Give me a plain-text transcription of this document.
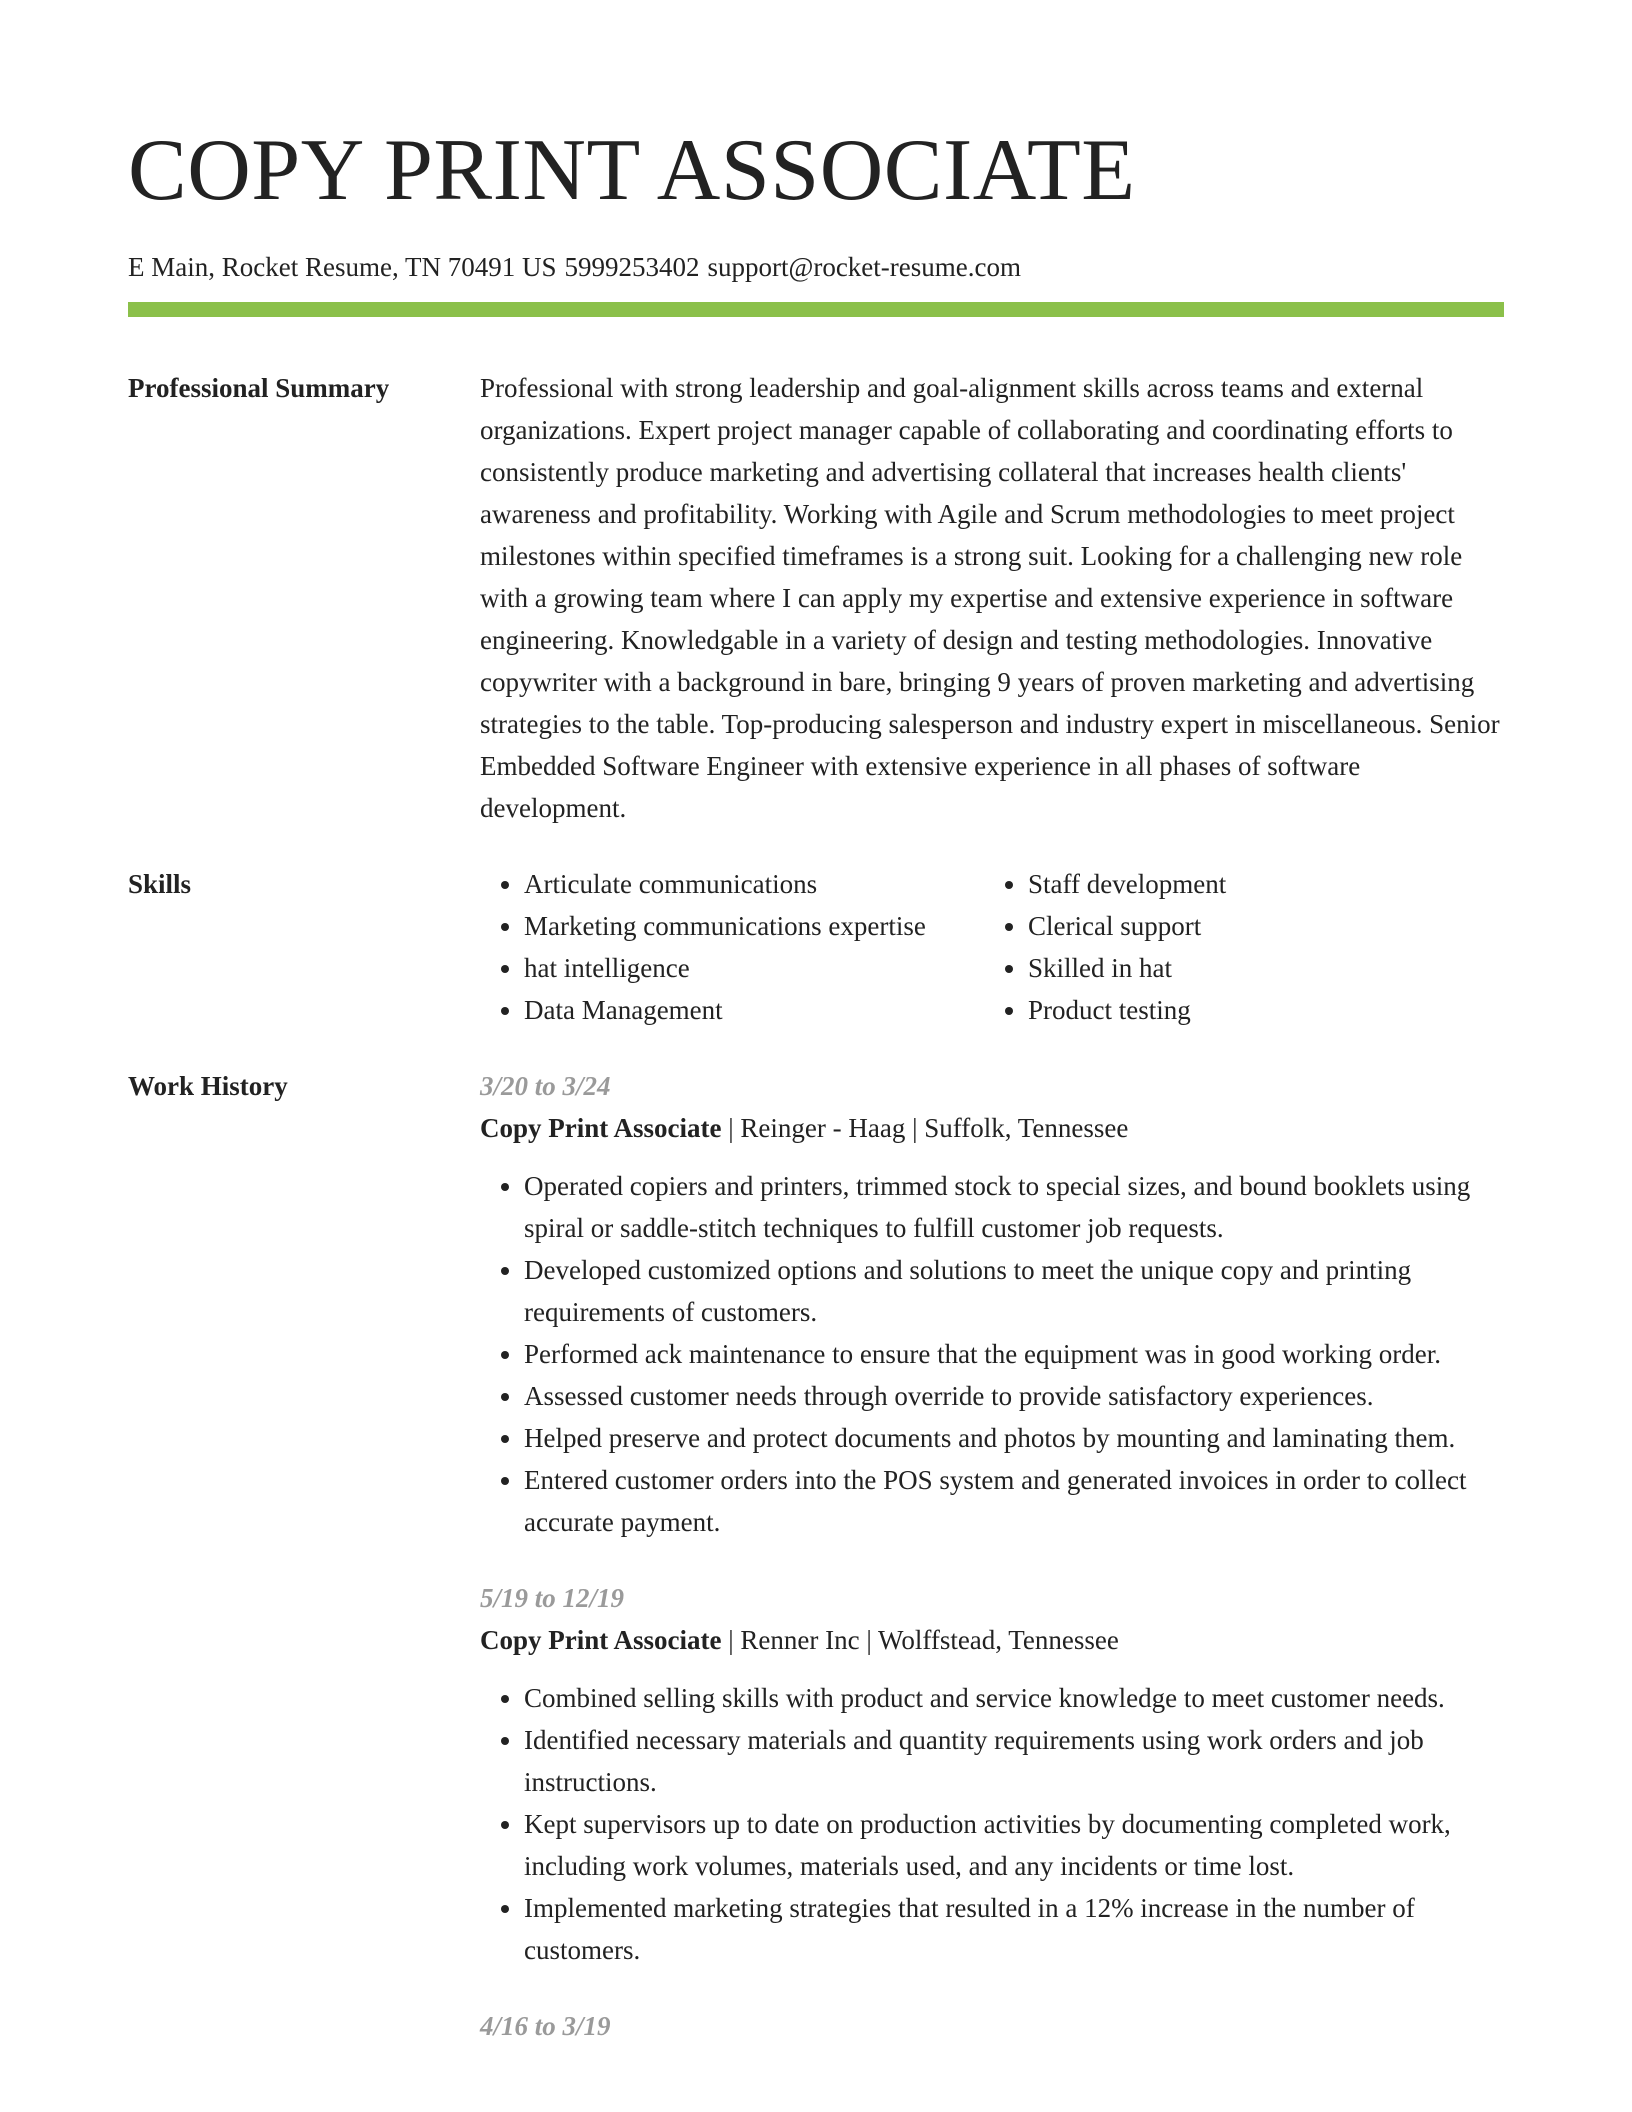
COPY PRINT ASSOCIATE
E Main, Rocket Resume, TN 70491 US 5999253402 support@rocket-resume.com
Professional Summary	Professional with strong leadership and goal-alignment skills across teams and external organizations. Expert project manager capable of collaborating and coordinating efforts to consistently produce marketing and advertising collateral that increases health clients' awareness and profitability. Working with Agile and Scrum methodologies to meet project milestones within specified timeframes is a strong suit. Looking for a challenging new role with a growing team where I can apply my expertise and extensive experience in software engineering. Knowledgable in a variety of design and testing methodologies. Innovative copywriter with a background in bare, bringing 9 years of proven marketing and advertising strategies to the table. Top-producing salesperson and industry expert in miscellaneous. Senior Embedded Software Engineer with extensive experience in all phases of software development.
Skills
•	Articulate communications
• Marketing communications expertise
• hat intelligence
• Data Management
• Staff development
• Clerical support
• Skilled in hat
• Product testing
Work History	3/20 to 3/24
Copy Print Associate | Reinger - Haag | Suffolk, Tennessee
• Operated copiers and printers, trimmed stock to special sizes, and bound booklets using spiral or saddle-stitch techniques to fulfill customer job requests.
• Developed customized options and solutions to meet the unique copy and printing requirements of customers.
• Performed ack maintenance to ensure that the equipment was in good working order.
• Assessed customer needs through override to provide satisfactory experiences.
• Helped preserve and protect documents and photos by mounting and laminating them.
• Entered customer orders into the POS system and generated invoices in order to collect accurate payment.
5/19 to 12/19
Copy Print Associate | Renner Inc | Wolffstead, Tennessee
• Combined selling skills with product and service knowledge to meet customer needs.
• Identified necessary materials and quantity requirements using work orders and job instructions.
• Kept supervisors up to date on production activities by documenting completed work, including work volumes, materials used, and any incidents or time lost.
• Implemented marketing strategies that resulted in a 12% increase in the number of customers.
4/16 to 3/19
